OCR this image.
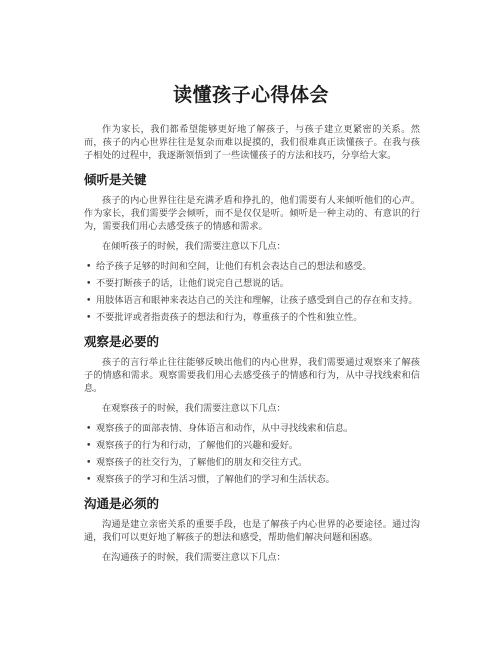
读懂孩子心得体会

作为家长，我们都希望能够更好地了解孩子，与孩子建立更紧密的关系。然而，孩子的内心世界往往是复杂而难以捉摸的，我们很难真正读懂孩子。在我与孩子相处的过程中，我逐渐领悟到了一些读懂孩子的方法和技巧，分享给大家。

倾听是关键

孩子的内心世界往往是充满矛盾和挣扎的，他们需要有人来倾听他们的心声。作为家长，我们需要学会倾听，而不是仅仅是听。倾听是一种主动的、有意识的行为，需要我们用心去感受孩子的情感和需求。

在倾听孩子的时候，我们需要注意以下几点：

• 给予孩子足够的时间和空间，让他们有机会表达自己的想法和感受。
• 不要打断孩子的话，让他们说完自己想说的话。
• 用肢体语言和眼神来表达自己的关注和理解，让孩子感受到自己的存在和支持。
• 不要批评或者指责孩子的想法和行为，尊重孩子的个性和独立性。
观察是必要的

孩子的言行举止往往能够反映出他们的内心世界，我们需要通过观察来了解孩子的情感和需求。观察需要我们用心去感受孩子的情感和行为，从中寻找线索和信息。

在观察孩子的时候，我们需要注意以下几点：

• 观察孩子的面部表情、身体语言和动作，从中寻找线索和信息。
• 观察孩子的行为和行动，了解他们的兴趣和爱好。
• 观察孩子的社交行为，了解他们的朋友和交往方式。
• 观察孩子的学习和生活习惯，了解他们的学习和生活状态。
沟通是必须的

沟通是建立亲密关系的重要手段，也是了解孩子内心世界的必要途径。通过沟通，我们可以更好地了解孩子的想法和感受，帮助他们解决问题和困惑。

在沟通孩子的时候，我们需要注意以下几点：
